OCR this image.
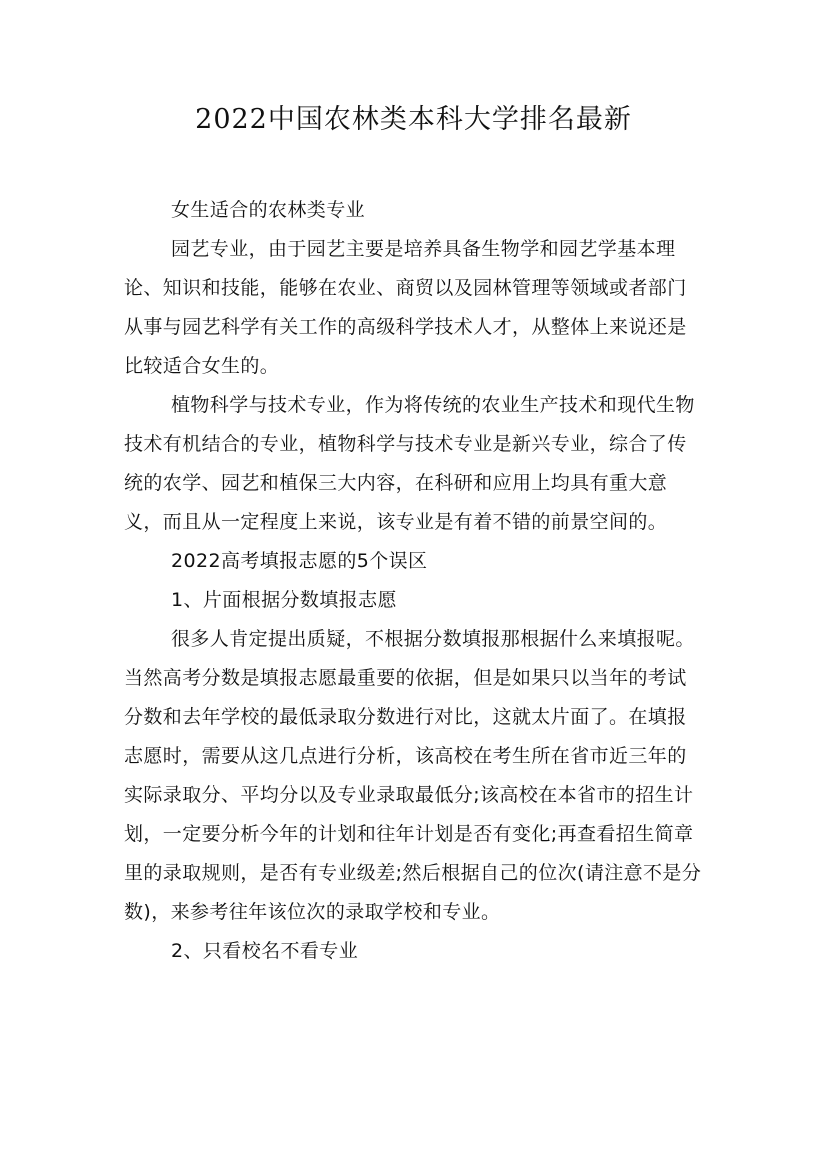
2022中国农林类本科大学排名最新

女生适合的农林类专业

园艺专业，由于园艺主要是培养具备生物学和园艺学基本理论、知识和技能，能够在农业、商贸以及园林管理等领域或者部门从事与园艺科学有关工作的高级科学技术人才，从整体上来说还是比较适合女生的。

植物科学与技术专业，作为将传统的农业生产技术和现代生物技术有机结合的专业，植物科学与技术专业是新兴专业，综合了传统的农学、园艺和植保三大内容，在科研和应用上均具有重大意义，而且从一定程度上来说，该专业是有着不错的前景空间的。

2022高考填报志愿的5个误区

1、片面根据分数填报志愿

很多人肯定提出质疑，不根据分数填报那根据什么来填报呢。当然高考分数是填报志愿最重要的依据，但是如果只以当年的考试分数和去年学校的最低录取分数进行对比，这就太片面了。在填报志愿时，需要从这几点进行分析，该高校在考生所在省市近三年的实际录取分、平均分以及专业录取最低分;该高校在本省市的招生计划，一定要分析今年的计划和往年计划是否有变化;再查看招生简章里的录取规则，是否有专业级差;然后根据自己的位次(请注意不是分数)，来参考往年该位次的录取学校和专业。

2、只看校名不看专业
